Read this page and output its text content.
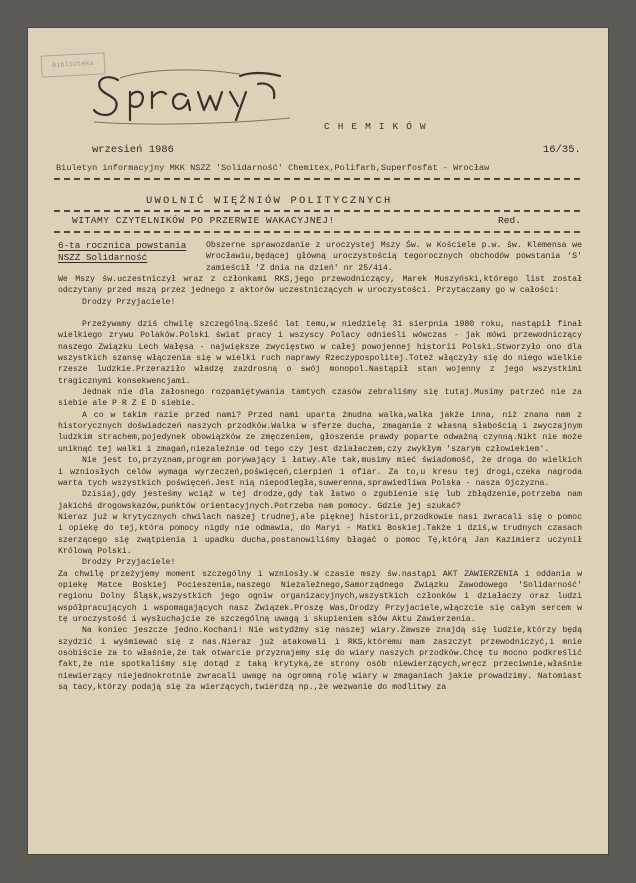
Biblioteka
CHEMIKÓW
wrzesień 1986	16/35.
Biuletyn informacyjny MKK NSZZ 'Solidarność' Chemitex,Polifarb,Superfosfat - Wrocław
UWOLNIĆ WIĘŹNIÓW POLITYCZNYCH
WITAMY CZYTELNIKÓW PO PRZERWIE WAKACYJNEJ!	Red.
6-ta rocznica powstania NSZZ Solidarność
Obszerne sprawozdanie z uroczystej Mszy Św. w Kościele p.w. św. Klemensa we Wrocławiu,będącej główną uroczystością tegorocznych obchodów powstania 'S' zamieścił 'Z dnia na dzień' nr 25/414.

We Mszy św.uczestniczył wraz z członkami RKS,jego przewodniczący, Marek Muszyński,którego list został odczytany przed mszą przez jednego z aktorów uczestniczących w uroczystości. Przytaczamy go w całości:

Drodzy Przyjaciele!

Przeżywamy dziś chwilę szczególną.Sześć lat temu,w niedzielę 31 sierpnia 1980 roku, nastąpił finał wielkiego zrywu Polaków.Polski świat pracy i wszyscy Polacy odnieśli wówczas - jak mówi przewodniczący naszego Związku Lech Wałęsa - największe zwycięstwo w całej powojennej historii Polski.Stworzyło ono dla wszystkich szansę włączenia się w wielki ruch naprawy Rzeczypospolitej.Toteż włączyły się do niego wielkie rzesze ludzkie.Przeraziło władzę zazdrosną o swój monopol.Nastąpił stan wojenny z jego wszystkimi tragicznymi konsekwencjami.

Jednak nie dla żałosnego rozpamiętywania tamtych czasów zebraliśmy się tutaj.Musimy patrzeć nie za siebie ale P R Z E D siebie.

A co w takim razie przed nami? Przed nami uparta żmudna walka,walka jakże inna, niż znana nam z historycznych doświadczeń naszych przodków.Walka w sferze ducha, zmagania z własną słabością i zwyczajnym ludzkim strachem,pojedynek obowiązków ze zmęczeniem, głoszenie prawdy poparte odważną czynną.Nikt nie może uniknąć tej walki i zmagań,niezależnie od tego czy jest działaczem,czy zwykłym 'szarym człowiekiem'.

Nie jest to,przyznam,program porywający i łatwy.Ale tak,musimy mieć świadomość, że droga do wielkich i wzniosłych celów wymaga wyrzeczeń,poświęceń,cierpień i ofiar. Za to,u kresu tej drogi,czeka nagroda warta tych wszystkich poświęceń.Jest nią niepodległa,suwerenna,sprawiedliwa Polska - nasza Ojczyzna.

Dzisiaj,gdy jesteśmy wciąż w tej drodze,gdy tak łatwo o zgubienie się lub zbłądzenie,potrzeba nam jakichś drogowskazów,punktów orientacyjnych.Potrzeba nam pomocy. Gdzie jej szukać?

Nieraz już w krytycznych chwilach naszej trudnej,ale pięknej historii,przodkowie nasi zwracali się o pomoc i opiekę do tej,która pomocy nigdy nie odmawia, do Maryi - Matki Boskiej.Także i dziś,w trudnych czasach szerzącego się zwątpienia i upadku ducha,postanowiliśmy błagać o pomoc Tę,którą Jan Kazimierz uczynił Królową Polski.

Drodzy Przyjaciele!

Za chwilę przeżyjemy moment szczególny i wzniosły.W czasie mszy św.nastąpi AKT ZAWIERZENIA i oddania w opiekę Matce Boskiej Pocieszenia,naszego Niezależnego,Samorządnego Związku Zawodowego 'Solidarność' regionu Dolny Śląsk,wszystkich jego ogniw organizacyjnych,wszystkich członków i działaczy oraz ludzi współpracujących i wspomagających nasz Związek.Proszę Was,Drodzy Przyjaciele,włączcie się całym sercem w tę uroczystość i wysłuchajcie ze szczególną uwagą i skupieniem słów Aktu Zawierzenia.

Na koniec jeszcze jedno.Kochani! Nie wstydźmy się naszej wiary.Zawsze znajdą się ludzie,którzy będą szydzić i wyśmiewać się z nas.Nieraz już atakowali i RKS,któremu mam zaszczyt przewodniczyć,i mnie osobiście za to właśnie,że tak otwarcie przyznajemy się do wiary naszych przodków.Chcę tu mocno podkreślić fakt,że nie spotkaliśmy się dotąd z taką krytyką,ze strony osób niewierzących,wręcz przeciwnie,właśnie niewierzący niejednokrotnie zwracali uwagę na ogromną rolę wiary w zmaganiach jakie prowadzimy. Natomiast są tacy,którzy podają się za wierzących,twierdzą np.,że wezwanie do modlitwy za
